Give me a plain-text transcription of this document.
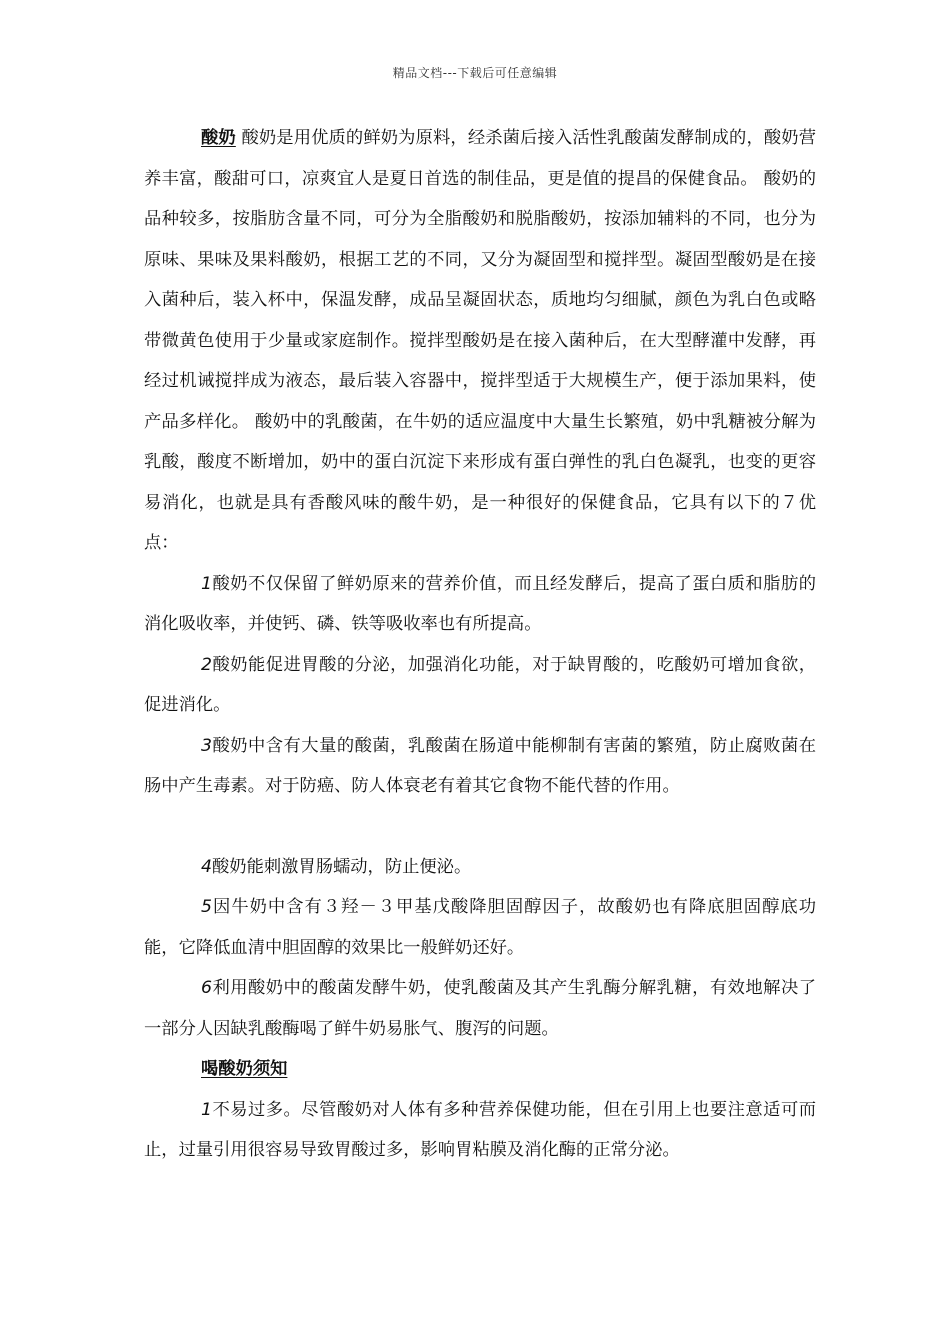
精品文档---下载后可任意编辑

酸奶 酸奶是用优质的鲜奶为原料，经杀菌后接入活性乳酸菌发酵制成的，酸奶营养丰富，酸甜可口，凉爽宜人是夏日首选的制佳品，更是值的提昌的保健食品。 酸奶的品种较多，按脂肪含量不同，可分为全脂酸奶和脱脂酸奶，按添加辅料的不同，也分为原味、果味及果料酸奶，根据工艺的不同，又分为凝固型和搅拌型。凝固型酸奶是在接入菌种后，装入杯中，保温发酵，成品呈凝固状态，质地均匀细腻，颜色为乳白色或略带微黄色使用于少量或家庭制作。搅拌型酸奶是在接入菌种后，在大型酵灌中发酵，再经过机诫搅拌成为液态，最后装入容器中，搅拌型适于大规模生产，便于添加果料，使产品多样化。 酸奶中的乳酸菌，在牛奶的适应温度中大量生长繁殖，奶中乳糖被分解为乳酸，酸度不断增加，奶中的蛋白沉淀下来形成有蛋白弹性的乳白色凝乳，也变的更容易消化，也就是具有香酸风味的酸牛奶，是一种很好的保健食品，它具有以下的７优点：

1酸奶不仅保留了鲜奶原来的营养价值，而且经发酵后，提高了蛋白质和脂肪的消化吸收率，并使钙、磷、铁等吸收率也有所提高。

2酸奶能促进胃酸的分泌，加强消化功能，对于缺胃酸的，吃酸奶可增加食欲，促进消化。

3酸奶中含有大量的酸菌，乳酸菌在肠道中能柳制有害菌的繁殖，防止腐败菌在肠中产生毒素。对于防癌、防人体衰老有着其它食物不能代替的作用。

4酸奶能刺激胃肠蠕动，防止便泌。

5因牛奶中含有３羟－３甲基戊酸降胆固醇因子，故酸奶也有降底胆固醇底功能，它降低血清中胆固醇的效果比一般鲜奶还好。

6利用酸奶中的酸菌发酵牛奶，使乳酸菌及其产生乳酶分解乳糖，有效地解决了一部分人因缺乳酸酶喝了鲜牛奶易胀气、腹泻的问题。

喝酸奶须知

1不易过多。尽管酸奶对人体有多种营养保健功能，但在引用上也要注意适可而止，过量引用很容易导致胃酸过多，影响胃粘膜及消化酶的正常分泌。
